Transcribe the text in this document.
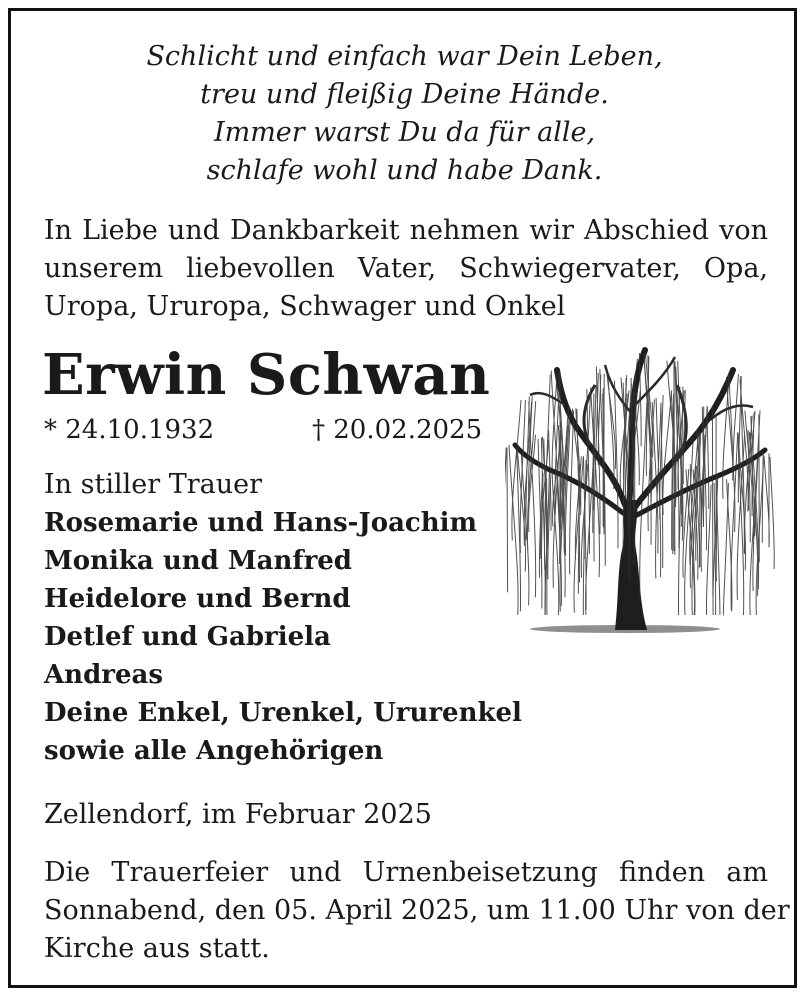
Schlicht und einfach war Dein Leben,
treu und fleißig Deine Hände.
Immer warst Du da für alle,
schlafe wohl und habe Dank.
In Liebe und Dankbarkeit nehmen wir Abschied von
unserem liebevollen Vater, Schwiegervater, Opa,
Uropa, Ururopa, Schwager und Onkel
Erwin Schwan
* 24.10.1932	† 20.02.2025
In stiller Trauer
Rosemarie und Hans-Joachim
Monika und Manfred
Heidelore und Bernd
Detlef und Gabriela
Andreas
Deine Enkel, Urenkel, Ururenkel
sowie alle Angehörigen
Zellendorf, im Februar 2025
Die Trauerfeier und Urnenbeisetzung finden am
Sonnabend, den 05. April 2025, um 11.00 Uhr von der
Kirche aus statt.
